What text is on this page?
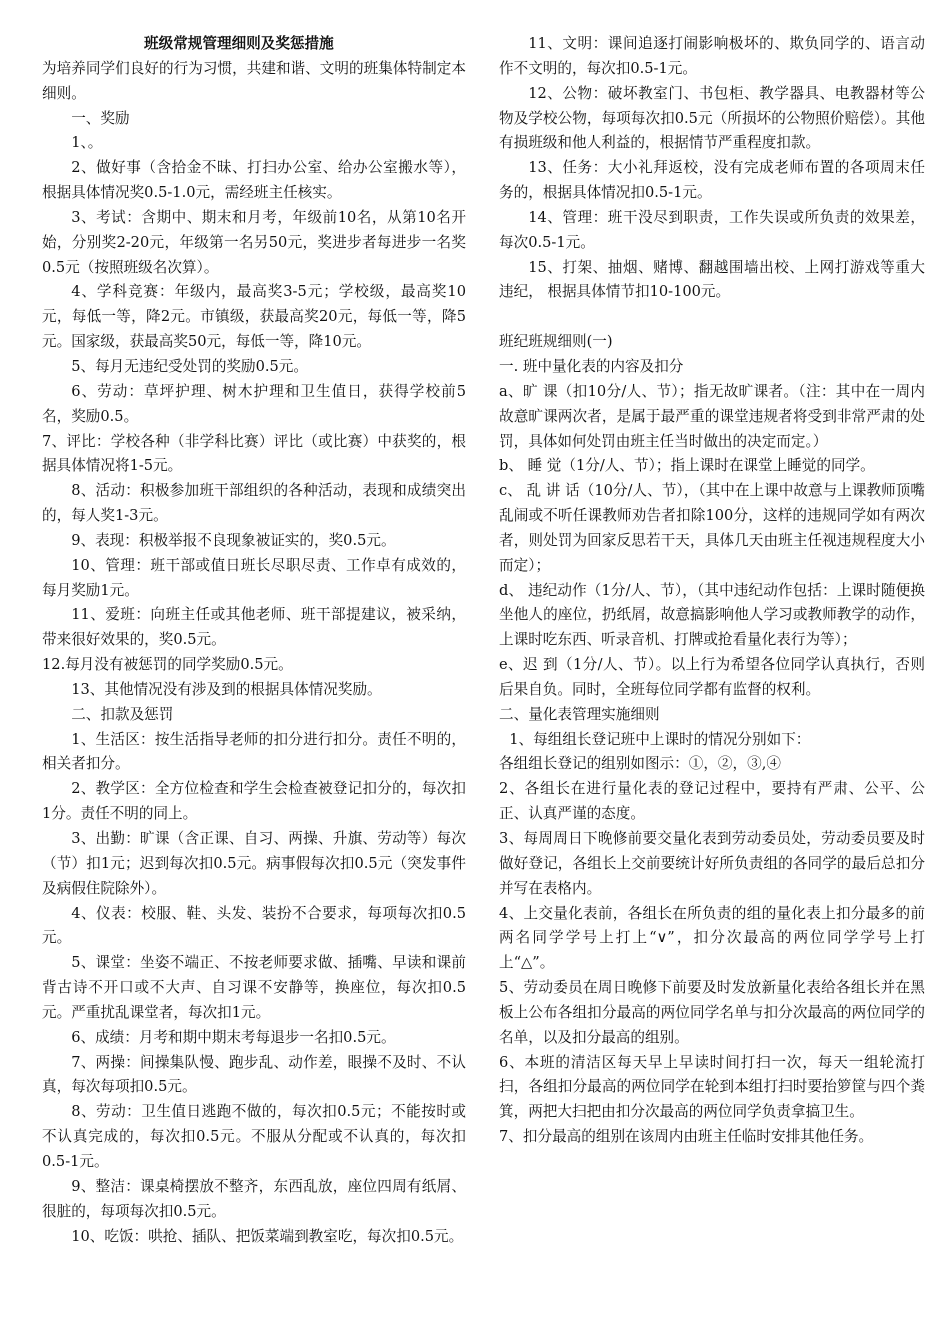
班级常规管理细则及奖惩措施

为培养同学们良好的行为习惯，共建和谐、文明的班集体特制定本细则。

一、奖励

1、。

2、做好事（含拾金不昧、打扫办公室、给办公室搬水等），根据具体情况奖0.5-1.0元，需经班主任核实。

3、考试：含期中、期末和月考，年级前10名，从第10名开始，分别奖2-20元，年级第一名另50元，奖进步者每进步一名奖0.5元（按照班级名次算）。

4、学科竞赛：年级内，最高奖3-5元；学校级，最高奖10元，每低一等，降2元。市镇级，获最高奖20元，每低一等，降5元。国家级，获最高奖50元，每低一等，降10元。

5、每月无违纪受处罚的奖励0.5元。

6、劳动：草坪护理、树木护理和卫生值日，获得学校前5名，奖励0.5。

7、评比：学校各种（非学科比赛）评比（或比赛）中获奖的，根据具体情况将1-5元。

8、活动：积极参加班干部组织的各种活动，表现和成绩突出的，每人奖1-3元。

9、表现：积极举报不良现象被证实的，奖0.5元。

10、管理：班干部或值日班长尽职尽责、工作卓有成效的，每月奖励1元。

11、爱班：向班主任或其他老师、班干部提建议，被采纳，带来很好效果的，奖0.5元。

12.每月没有被惩罚的同学奖励0.5元。

13、其他情况没有涉及到的根据具体情况奖励。

二、扣款及惩罚

1、生活区：按生活指导老师的扣分进行扣分。责任不明的，相关者扣分。

2、教学区：全方位检查和学生会检查被登记扣分的，每次扣1分。责任不明的同上。

3、出勤：旷课（含正课、自习、两操、升旗、劳动等）每次（节）扣1元；迟到每次扣0.5元。病事假每次扣0.5元（突发事件及病假住院除外）。

4、仪表：校服、鞋、头发、装扮不合要求，每项每次扣0.5元。

5、课堂：坐姿不端正、不按老师要求做、插嘴、早读和课前背古诗不开口或不大声、自习课不安静等，换座位，每次扣0.5元。严重扰乱课堂者，每次扣1元。

6、成绩：月考和期中期末考每退步一名扣0.5元。

7、两操：间操集队慢、跑步乱、动作差，眼操不及时、不认真，每次每项扣0.5元。

8、劳动：卫生值日逃跑不做的，每次扣0.5元；不能按时或不认真完成的，每次扣0.5元。不服从分配或不认真的，每次扣0.5-1元。

9、整洁：课桌椅摆放不整齐，东西乱放，座位四周有纸屑、很脏的，每项每次扣0.5元。

10、吃饭：哄抢、插队、把饭菜端到教室吃，每次扣0.5元。

11、文明：课间追逐打闹影响极坏的、欺负同学的、语言动作不文明的，每次扣0.5-1元。

12、公物：破坏教室门、书包柜、教学器具、电教器材等公物及学校公物，每项每次扣0.5元（所损坏的公物照价赔偿）。其他有损班级和他人利益的，根据情节严重程度扣款。

13、任务：大小礼拜返校，没有完成老师布置的各项周末任务的，根据具体情况扣0.5-1元。

14、管理：班干没尽到职责，工作失误或所负责的效果差，每次0.5-1元。

15、打架、抽烟、赌博、翻越围墙出校、上网打游戏等重大违纪， 根据具体情节扣10-100元。

班纪班规细则(一)

一. 班中量化表的内容及扣分

a、旷 课（扣10分/人、节）；指无故旷课者。（注：其中在一周内故意旷课两次者，是属于最严重的课堂违规者将受到非常严肃的处罚，具体如何处罚由班主任当时做出的决定而定。）

b、 睡 觉（1分/人、节）；指上课时在课堂上睡觉的同学。

c、 乱 讲 话（10分/人、节），（其中在上课中故意与上课教师顶嘴乱闹或不听任课教师劝告者扣除100分，这样的违规同学如有两次者，则处罚为回家反思若干天，具体几天由班主任视违规程度大小而定）；

d、 违纪动作（1分/人、节），（其中违纪动作包括：上课时随便换坐他人的座位，扔纸屑，故意搞影响他人学习或教师教学的动作，上课时吃东西、听录音机、打牌或抢看量化表行为等）；

e、迟 到（1分/人、节）。以上行为希望各位同学认真执行，否则后果自负。同时，全班每位同学都有监督的权利。

二、量化表管理实施细则

1、每组组长登记班中上课时的情况分别如下：

各组组长登记的组别如图示：①，②，③,④

2、各组长在进行量化表的登记过程中，要持有严肃、公平、公正、认真严谨的态度。

3、每周周日下晚修前要交量化表到劳动委员处，劳动委员要及时做好登记，各组长上交前要统计好所负责组的各同学的最后总扣分并写在表格内。

4、上交量化表前，各组长在所负责的组的量化表上扣分最多的前两名同学学号上打上“∨”，扣分次最高的两位同学学号上打上“△”。

5、劳动委员在周日晚修下前要及时发放新量化表给各组长并在黑板上公布各组扣分最高的两位同学名单与扣分次最高的两位同学的名单，以及扣分最高的组别。

6、本班的清洁区每天早上早读时间打扫一次，每天一组轮流打扫，各组扣分最高的两位同学在轮到本组打扫时要抬箩筐与四个粪箕，两把大扫把由扣分次最高的两位同学负责拿搞卫生。

7、扣分最高的组别在该周内由班主任临时安排其他任务。
